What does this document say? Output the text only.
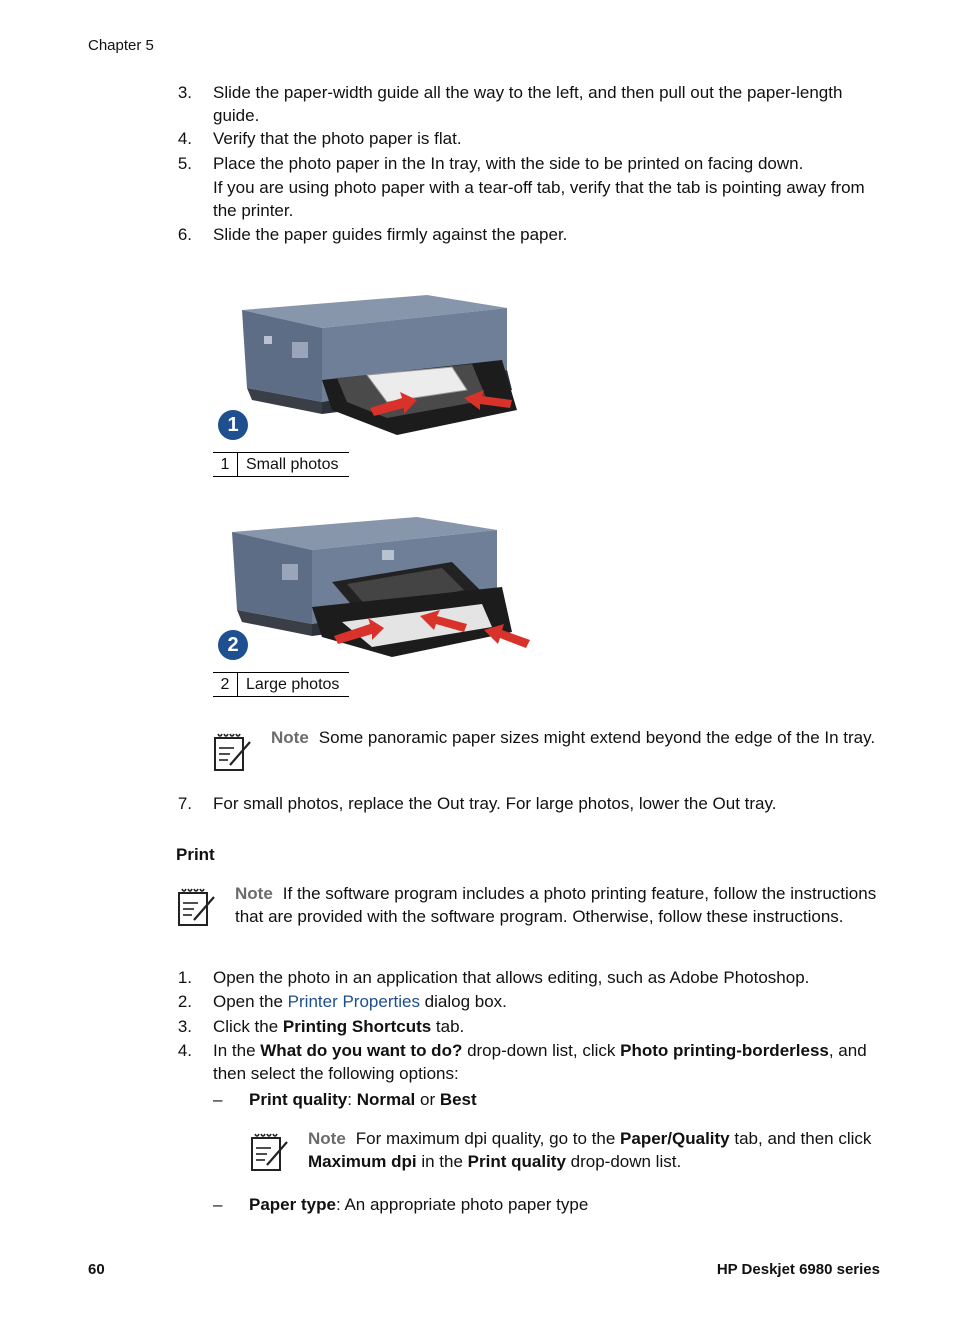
Chapter 5
3. Slide the paper-width guide all the way to the left, and then pull out the paper-length guide.
4. Verify that the photo paper is flat.
5. Place the photo paper in the In tray, with the side to be printed on facing down.
If you are using photo paper with a tear-off tab, verify that the tab is pointing away from the printer.
6. Slide the paper guides firmly against the paper.
1
1	Small photos
2
2	Large photos
Note Some panoramic paper sizes might extend beyond the edge of the In tray.
7. For small photos, replace the Out tray. For large photos, lower the Out tray.
Print
Note If the software program includes a photo printing feature, follow the instructions that are provided with the software program. Otherwise, follow these instructions.
1. Open the photo in an application that allows editing, such as Adobe Photoshop.
2. Open the Printer Properties dialog box.
3. Click the Printing Shortcuts tab.
4. In the What do you want to do? drop-down list, click Photo printing-borderless, and then select the following options:
– Print quality: Normal or Best
Note For maximum dpi quality, go to the Paper/Quality tab, and then click Maximum dpi in the Print quality drop-down list.
– Paper type: An appropriate photo paper type
60	HP Deskjet 6980 series
